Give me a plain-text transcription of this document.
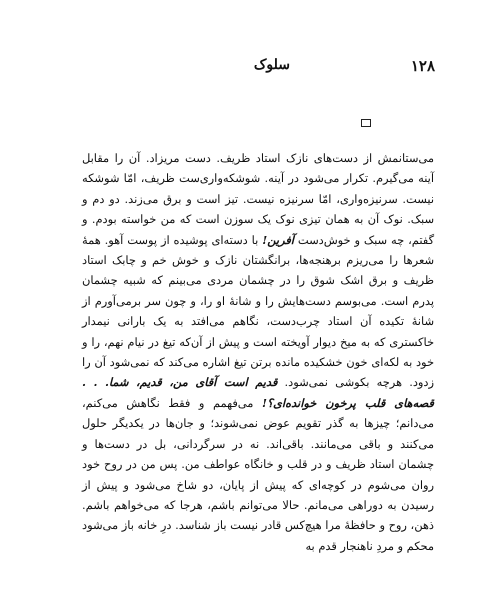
۱۲۸
سلوک

می‌ستانمش از دست‌های نازک استاد ظریف. دست مریزاد. آن را مقابل آینه می‌گیرم. تکرار می‌شود در آینه. شوشکه‌واری‌ست ظریف، امّا شوشکه نیست. سرنیزه‌واری، امّا سرنیزه نیست. تیز است و برق می‌زند. دو دم و سبک. نوک آن به همان تیزی نوک یک سوزن است که من خواسته بودم. و گفتم، چه سبک و خوش‌دست آفرین! با دسته‌ای پوشیده از پوست آهو. همهٔ شعرها را می‌ریزم برهنجه‌ها، برانگشتان نازک و خوش خم و چابک استاد ظریف و برق اشک شوق را در چشمان مردی می‌بینم که شبیه چشمان پدرم است. می‌بوسم دست‌هایش را و شانهٔ او را، و چون سر برمی‌آورم از شانهٔ تکیده آن استاد چرب‌دست، نگاهم می‌افتد به یک بارانی نیمدار خاکستری که به میخ دیوار آویخته است و پیش از آن‌که تیغ در نیام نهم، را و خود به لکه‌ای خون خشکیده مانده برتن تیغ اشاره می‌کند که نمی‌شود آن را زدود. هرچه بکوشی نمی‌شود. قدیم است آقای من، قدیم، شما. . . قصه‌های قلب پرخون خوانده‌ای؟! می‌فهمم و فقط نگاهش می‌کنم، می‌دانم؛ چیزها به گذر تقویم عوض نمی‌شوند؛ و جان‌ها در یکدیگر حلول می‌کنند و باقی می‌مانند. باقی‌اند. نه در سرگردانی، بل در دست‌ها و چشمان استاد ظریف و در قلب و خانگاه عواطف من. پس من در روح خود روان می‌شوم در کوچه‌ای که پیش از پایان، دو شاخ می‌شود و پیش از رسیدن به دوراهی می‌مانم. حالا می‌توانم باشم، هرجا که می‌خواهم باشم. ذهن، روح و حافظهٔ مرا هیچ‌کس قادر نیست باز شناسد. درِ خانه باز می‌شود محکم و مردِ ناهنجار قدم به
